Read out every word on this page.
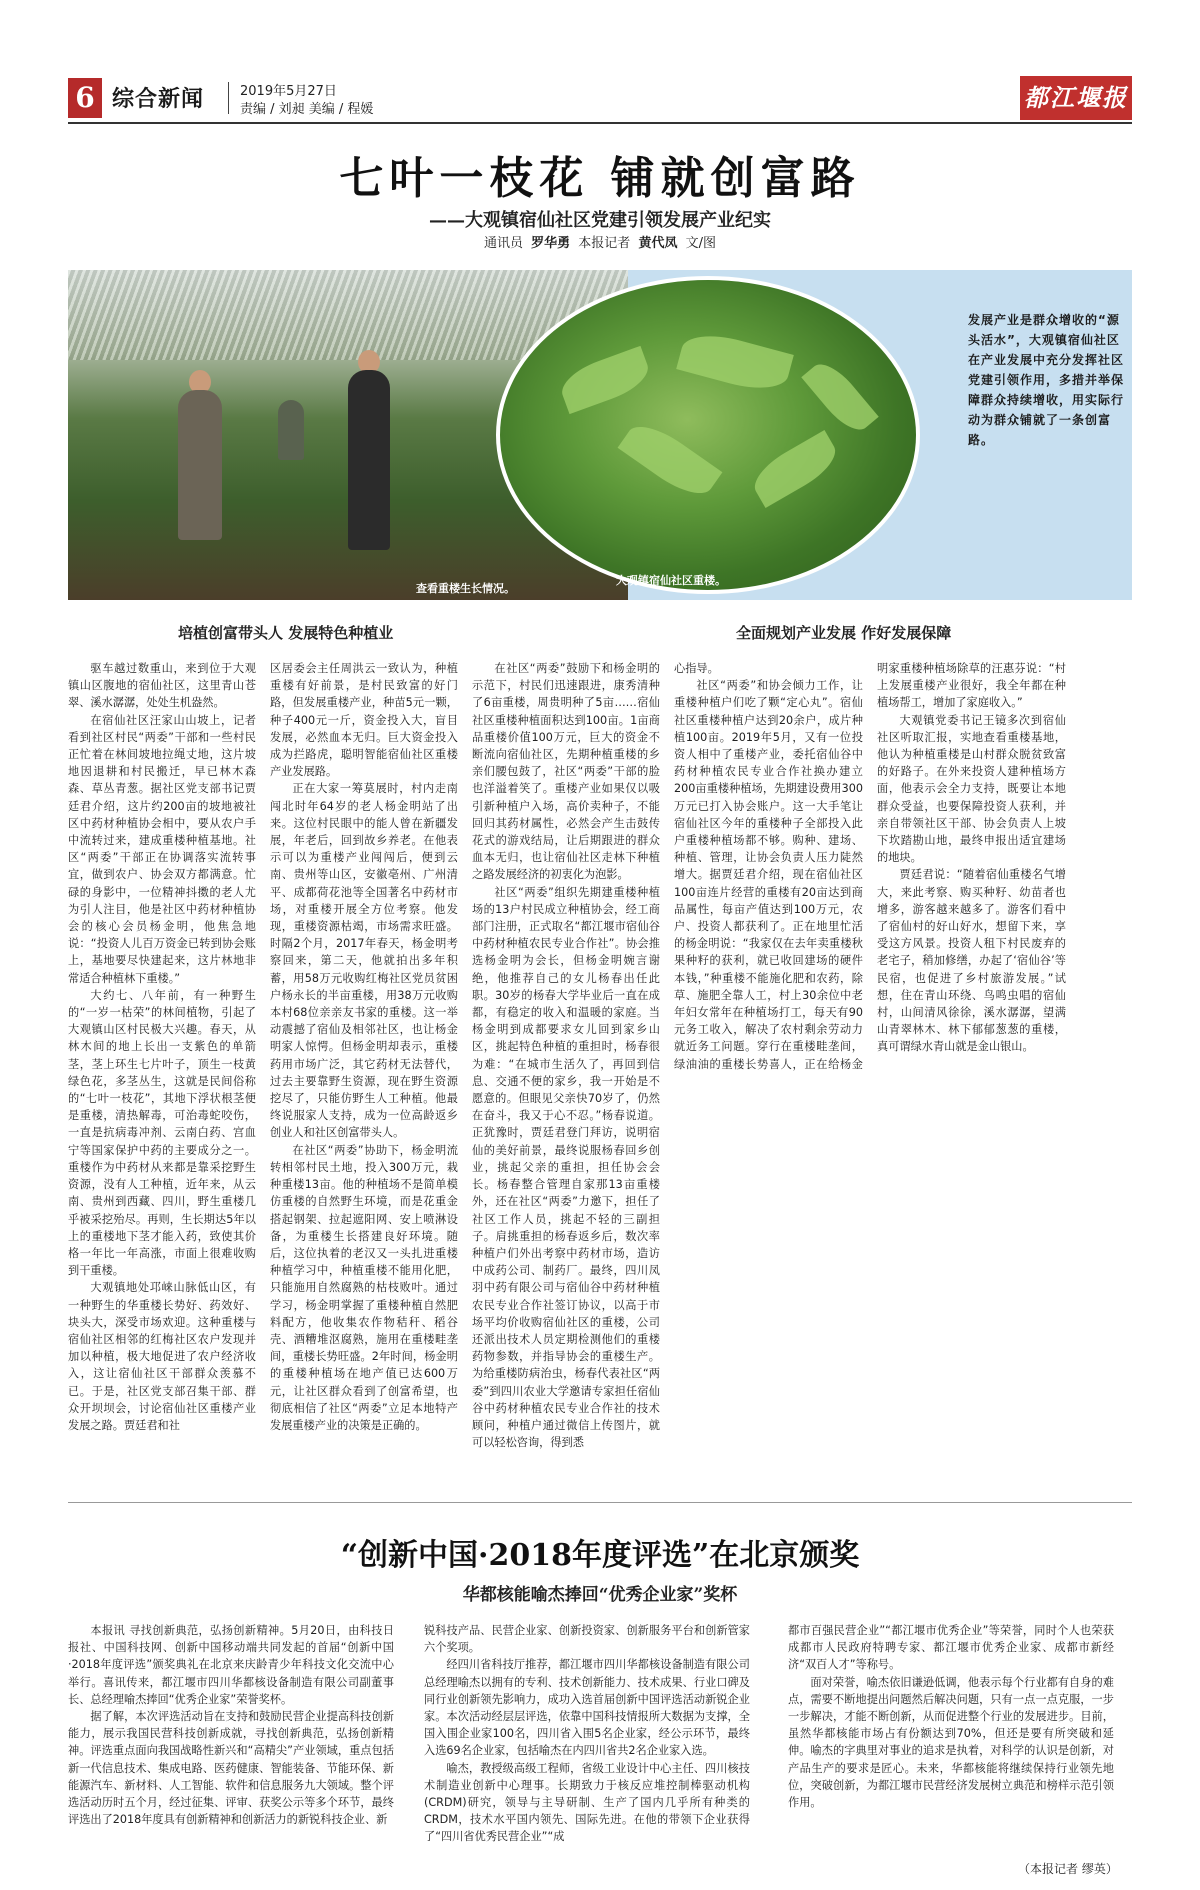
6 综合新闻	2019年5月27日
责编 / 刘昶 美编 / 程媛	都江堰报
七叶一枝花 铺就创富路
——大观镇宿仙社区党建引领发展产业纪实
通讯员 罗华勇 本报记者 黄代凤 文/图
查看重楼生长情况。
大观镇宿仙社区重楼。
发展产业是群众增收的“源头活水”，大观镇宿仙社区在产业发展中充分发挥社区党建引领作用，多措并举保障群众持续增收，用实际行动为群众铺就了一条创富路。
培植创富带头人 发展特色种植业	全面规划产业发展 作好发展保障

驱车越过数重山，来到位于大观镇山区腹地的宿仙社区，这里青山苍翠、溪水潺潺，处处生机盎然。

在宿仙社区汪家山山坡上，记者看到社区村民“两委”干部和一些村民正忙着在林间坡地拉绳丈地，这片坡地因退耕和村民搬迁，早已林木森森、草丛青葱。据社区党支部书记贾廷君介绍，这片约200亩的坡地被社区中药材种植协会相中，要从农户手中流转过来，建成重楼种植基地。社区“两委”干部正在协调落实流转事宜，做到农户、协会双方都满意。忙碌的身影中，一位精神抖擞的老人尤为引人注目，他是社区中药材种植协会的核心会员杨金明，他焦急地说：“投资人儿百万资金已转到协会账上，基地要尽快建起来，这片林地非常适合种植林下重楼。”

大约七、八年前，有一种野生的“一岁一枯荣”的林间植物，引起了大观镇山区村民极大兴趣。春天，从林木间的地上长出一支紫色的单箭茎，茎上环生七片叶子，顶生一枝黄绿色花，多茎丛生，这就是民间俗称的“七叶一枝花”，其地下浮状根茎便是重楼，清热解毒，可治毒蛇咬伤，一直是抗病毒冲剂、云南白药、宫血宁等国家保护中药的主要成分之一。重楼作为中药材从来都是靠采挖野生资源，没有人工种植，近年来，从云南、贵州到西藏、四川，野生重楼几乎被采挖殆尽。再则，生长期达5年以上的重楼地下茎才能入药，致使其价格一年比一年高涨，市面上很难收购到干重楼。

大观镇地处邛崃山脉低山区，有一种野生的华重楼长势好、药效好、块头大，深受市场欢迎。这种重楼与宿仙社区相邻的红梅社区农户发现并加以种植，极大地促进了农户经济收入，这让宿仙社区干部群众羡慕不已。于是，社区党支部召集干部、群众开坝坝会，讨论宿仙社区重楼产业发展之路。贾廷君和社

区居委会主任周洪云一致认为，种植重楼有好前景，是村民致富的好门路，但发展重楼产业，种苗5元一颗，种子400元一斤，资金投入大，盲目发展，必然血本无归。巨大资金投入成为拦路虎，聪明智能宿仙社区重楼产业发展路。

正在大家一筹莫展时，村内走南闯北时年64岁的老人杨金明站了出来。这位村民眼中的能人曾在新疆发展，年老后，回到故乡养老。在他表示可以为重楼产业闯闯后，便到云南、贵州等山区，安徽亳州、广州清平、成都荷花池等全国著名中药材市场，对重楼开展全方位考察。他发现，重楼资源枯竭，市场需求旺盛。时隔2个月，2017年春天，杨金明考察回来，第二天，他就拍出多年积蓄，用58万元收购红梅社区党员贫困户杨永长的半亩重楼，用38万元收购本村68位亲亲友书家的重楼。这一举动震撼了宿仙及相邻社区，也让杨金明家人惊愕。但杨金明却表示，重楼药用市场广泛，其它药材无法替代，过去主要靠野生资源，现在野生资源挖尽了，只能仿野生人工种植。他最终说服家人支持，成为一位高龄返乡创业人和社区创富带头人。

在社区“两委”协助下，杨金明流转相邻村民土地，投入300万元，栽种重楼13亩。他的种植场不是简单模仿重楼的自然野生环境，而是花重金搭起钢架、拉起遮阳网、安上喷淋设备，为重楼生长搭建良好环境。随后，这位执着的老汉又一头扎进重楼种植学习中，种植重楼不能用化肥，只能施用自然腐熟的枯枝败叶。通过学习，杨金明掌握了重楼种植自然肥料配方，他收集农作物秸秆、稻谷壳、酒糟堆沤腐熟，施用在重楼畦垄间，重楼长势旺盛。2年时间，杨金明的重楼种植场在地产值已达600万元，让社区群众看到了创富希望，也彻底相信了社区“两委”立足本地特产发展重楼产业的决策是正确的。

在社区“两委”鼓励下和杨金明的示范下，村民们迅速跟进，康秀清种了6亩重楼，周贵明种了5亩……宿仙社区重楼种植面积达到100亩。1亩商品重楼价值100万元，巨大的资金不断流向宿仙社区，先期种植重楼的乡亲们腰包鼓了，社区“两委”干部的脸也洋溢着笑了。重楼产业如果仅以吸引新种植户入场，高价卖种子，不能回归其药材属性，必然会产生击鼓传花式的游戏结局，让后期跟进的群众血本无归，也让宿仙社区走林下种植之路发展经济的初衷化为泡影。

社区“两委”组织先期建重楼种植场的13户村民成立种植协会，经工商部门注册，正式取名“都江堰市宿仙谷中药材种植农民专业合作社”。协会推选杨金明为会长，但杨金明婉言谢绝，他推荐自己的女儿杨春出任此职。30岁的杨春大学毕业后一直在成都，有稳定的收入和温暖的家庭。当杨金明到成都要求女儿回到家乡山区，挑起特色种植的重担时，杨春很为难：“在城市生活久了，再回到信息、交通不便的家乡，我一开始是不愿意的。但眼见父亲快70岁了，仍然在奋斗，我又于心不忍。”杨春说道。正犹豫时，贾廷君登门拜访，说明宿仙的美好前景，最终说服杨春回乡创业，挑起父亲的重担，担任协会会长。杨春整合管理自家那13亩重楼外，还在社区“两委”力邀下，担任了社区工作人员，挑起不轻的三副担子。肩挑重担的杨春返乡后，数次率种植户们外出考察中药材市场，造访中成药公司、制药厂。最终，四川凤羽中药有限公司与宿仙谷中药材种植农民专业合作社签订协议，以高于市场平均价收购宿仙社区的重楼，公司还派出技术人员定期检测他们的重楼药物参数，并指导协会的重楼生产。为给重楼防病治虫，杨春代表社区“两委”到四川农业大学邀请专家担任宿仙谷中药材种植农民专业合作社的技术顾问，种植户通过微信上传图片，就可以轻松咨询，得到悉

心指导。

社区“两委”和协会倾力工作，让重楼种植户们吃了颗“定心丸”。宿仙社区重楼种植户达到20余户，成片种植100亩。2019年5月，又有一位投资人相中了重楼产业，委托宿仙谷中药材种植农民专业合作社换办建立200亩重楼种植场，先期建设费用300万元已打入协会账户。这一大手笔让宿仙社区今年的重楼种子全部投入此户重楼种植场都不够。购种、建场、种植、管理，让协会负责人压力陡然增大。据贾廷君介绍，现在宿仙社区100亩连片经营的重楼有20亩达到商品属性，每亩产值达到100万元，农户、投资人都获利了。正在地里忙活的杨金明说：“我家仅在去年卖重楼秋果种籽的获利，就已收回建场的硬件本钱，”种重楼不能施化肥和农药，除草、施肥全靠人工，村上30余位中老年妇女常年在种植场打工，每天有90元务工收入，解决了农村剩余劳动力就近务工问题。穿行在重楼畦垄间，绿油油的重楼长势喜人，正在给杨金明家重楼种植场除草的汪惠芬说：“村上发展重楼产业很好，我全年都在种植场帮工，增加了家庭收入。”

大观镇党委书记王镜多次到宿仙社区听取汇报，实地查看重楼基地，他认为种植重楼是山村群众脱贫致富的好路子。在外来投资人建种植场方面，他表示会全力支持，既要让本地群众受益，也要保障投资人获利，并亲自带领社区干部、协会负责人上坡下坎踏勘山地，最终申报出适宜建场的地块。

贾廷君说：“随着宿仙重楼名气增大，来此考察、购买种籽、幼苗者也增多，游客越来越多了。游客们看中了宿仙村的好山好水，想留下来，享受这方风景。投资人租下村民废弃的老宅子，稍加修缮，办起了‘宿仙谷’等民宿，也促进了乡村旅游发展。”试想，住在青山环绕、鸟鸣虫唱的宿仙村，山间清风徐徐，溪水潺潺，望满山青翠林木、林下郁郁葱葱的重楼，真可谓绿水青山就是金山银山。

“创新中国·2018年度评选”在北京颁奖
华都核能喻杰捧回“优秀企业家”奖杯

本报讯 寻找创新典范，弘扬创新精神。5月20日，由科技日报社、中国科技网、创新中国移动端共同发起的首届“创新中国·2018年度评选”颁奖典礼在北京来庆龄青少年科技文化交流中心举行。喜讯传来，都江堰市四川华都核设备制造有限公司副董事长、总经理喻杰捧回“优秀企业家”荣誉奖杯。

据了解，本次评选活动旨在支持和鼓励民营企业提高科技创新能力，展示我国民营科技创新成就，寻找创新典范，弘扬创新精神。评选重点面向我国战略性新兴和“高精尖”产业领域，重点包括新一代信息技术、集成电路、医药健康、智能装备、节能环保、新能源汽车、新材料、人工智能、软件和信息服务九大领域。整个评选活动历时五个月，经过征集、评审、获奖公示等多个环节，最终评选出了2018年度具有创新精神和创新活力的新锐科技企业、新

锐科技产品、民营企业家、创新投资家、创新服务平台和创新管家六个奖项。

经四川省科技厅推荐，都江堰市四川华都核设备制造有限公司总经理喻杰以拥有的专利、技术创新能力、技术成果、行业口碑及同行业创新领先影响力，成功入选首届创新中国评选活动新锐企业家。本次活动经层层评选，依靠中国科技情报所大数据为支撑，全国入围企业家100名，四川省入围5名企业家，经公示环节，最终入选69名企业家，包括喻杰在内四川省共2名企业家入选。

喻杰，教授级高级工程师，省级工业设计中心主任、四川核技术制造业创新中心理事。长期致力于核反应堆控制棒驱动机构(CRDM)研究，领导与主导研制、生产了国内几乎所有种类的CRDM，技术水平国内领先、国际先进。在他的带领下企业获得了“四川省优秀民营企业”“成

都市百强民营企业”“都江堰市优秀企业”等荣誉，同时个人也荣获成都市人民政府特聘专家、都江堰市优秀企业家、成都市新经济“双百人才”等称号。

面对荣誉，喻杰依旧谦逊低调，他表示每个行业都有自身的难点，需要不断地提出问题然后解决问题，只有一点一点克服，一步一步解决，才能不断创新，从而促进整个行业的发展进步。目前，虽然华都核能市场占有份额达到70%，但还是要有所突破和延伸。喻杰的字典里对事业的追求是执着，对科学的认识是创新，对产品生产的要求是匠心。未来，华都核能将继续保持行业领先地位，突破创新，为都江堰市民营经济发展树立典范和榜样示范引领作用。

（本报记者 缪英）
